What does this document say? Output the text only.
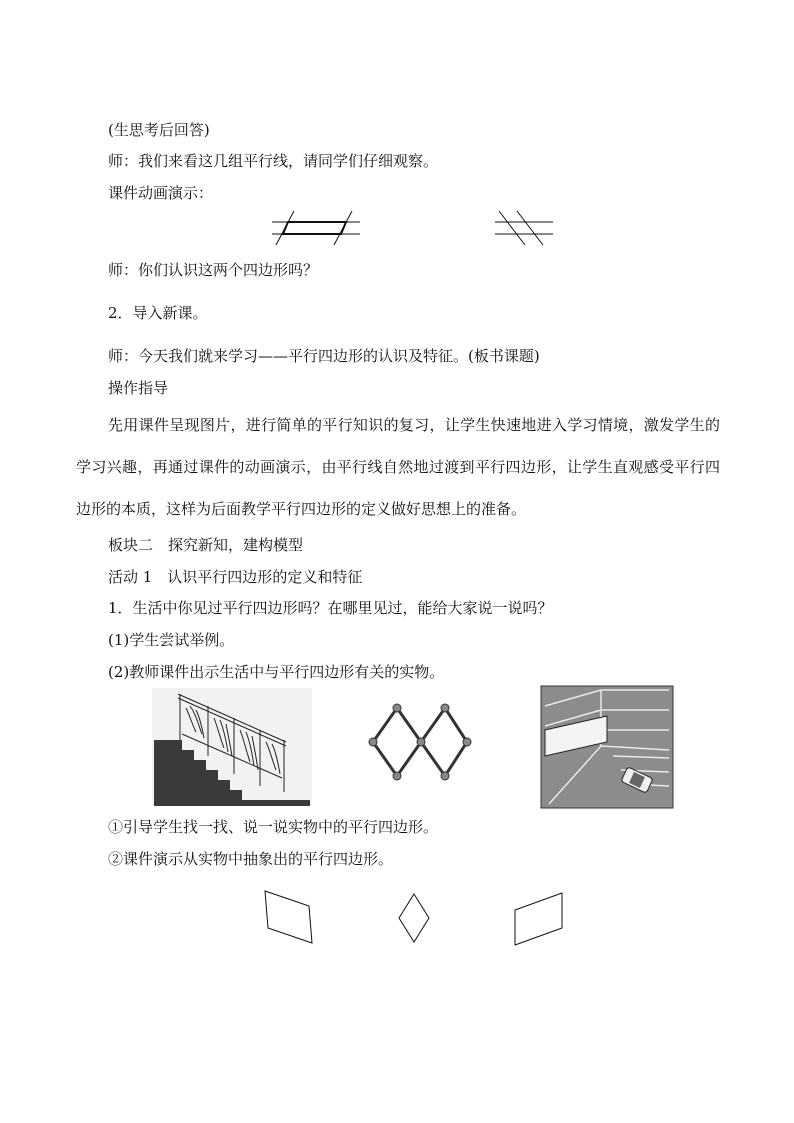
(生思考后回答)
师：我们来看这几组平行线，请同学们仔细观察。
课件动画演示：
师：你们认识这两个四边形吗？
2．导入新课。
师：今天我们就来学习——平行四边形的认识及特征。(板书课题)
操作指导
先用课件呈现图片，进行简单的平行知识的复习，让学生快速地进入学习情境，激发学生的学习兴趣，再通过课件的动画演示，由平行线自然地过渡到平行四边形，让学生直观感受平行四边形的本质，这样为后面教学平行四边形的定义做好思想上的准备。
板块二　探究新知，建构模型
活动 1　认识平行四边形的定义和特征
1．生活中你见过平行四边形吗？在哪里见过，能给大家说一说吗？
(1)学生尝试举例。
(2)教师课件出示生活中与平行四边形有关的实物。
①引导学生找一找、说一说实物中的平行四边形。
②课件演示从实物中抽象出的平行四边形。
